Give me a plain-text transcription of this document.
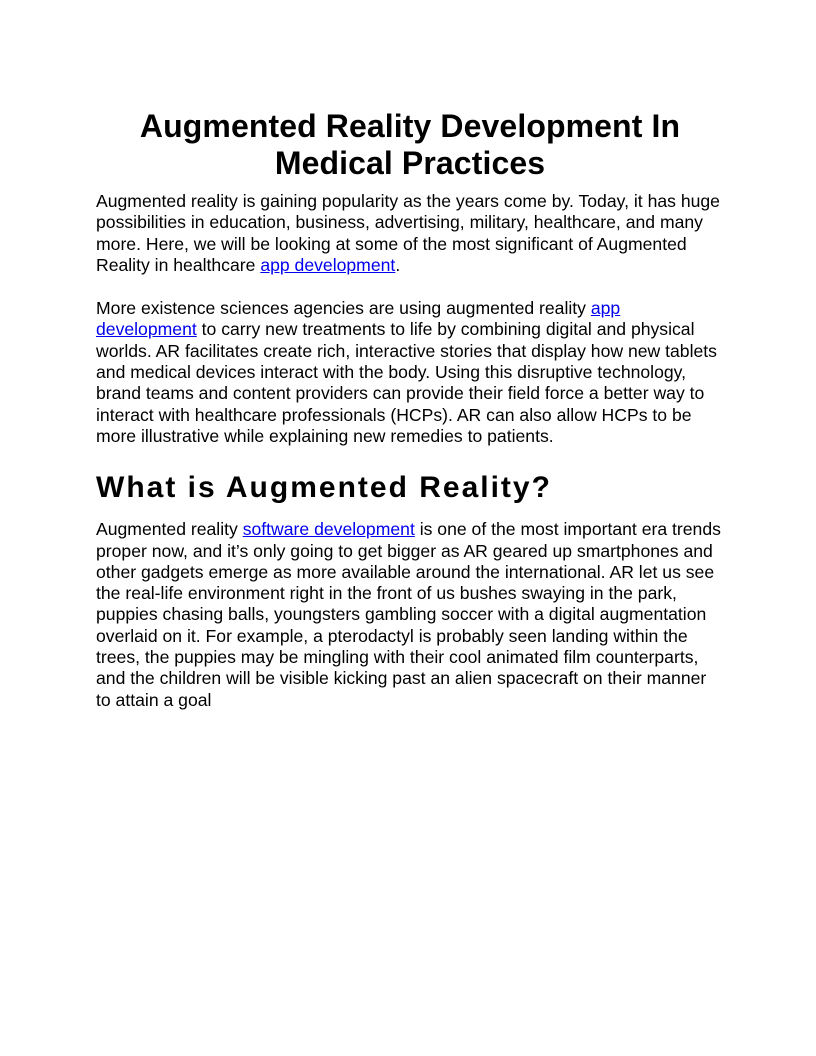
Augmented Reality Development In Medical Practices

Augmented reality is gaining popularity as the years come by. Today, it has huge possibilities in education, business, advertising, military, healthcare, and many more. Here, we will be looking at some of the most significant of Augmented Reality in healthcare app development.

More existence sciences agencies are using augmented reality app development to carry new treatments to life by combining digital and physical worlds. AR facilitates create rich, interactive stories that display how new tablets and medical devices interact with the body. Using this disruptive technology, brand teams and content providers can provide their field force a better way to interact with healthcare professionals (HCPs). AR can also allow HCPs to be more illustrative while explaining new remedies to patients.

What is Augmented Reality?

Augmented reality software development is one of the most important era trends proper now, and it’s only going to get bigger as AR geared up smartphones and other gadgets emerge as more available around the international. AR let us see the real-life environment right in the front of us bushes swaying in the park, puppies chasing balls, youngsters gambling soccer with a digital augmentation overlaid on it. For example, a pterodactyl is probably seen landing within the trees, the puppies may be mingling with their cool animated film counterparts, and the children will be visible kicking past an alien spacecraft on their manner to attain a goal
